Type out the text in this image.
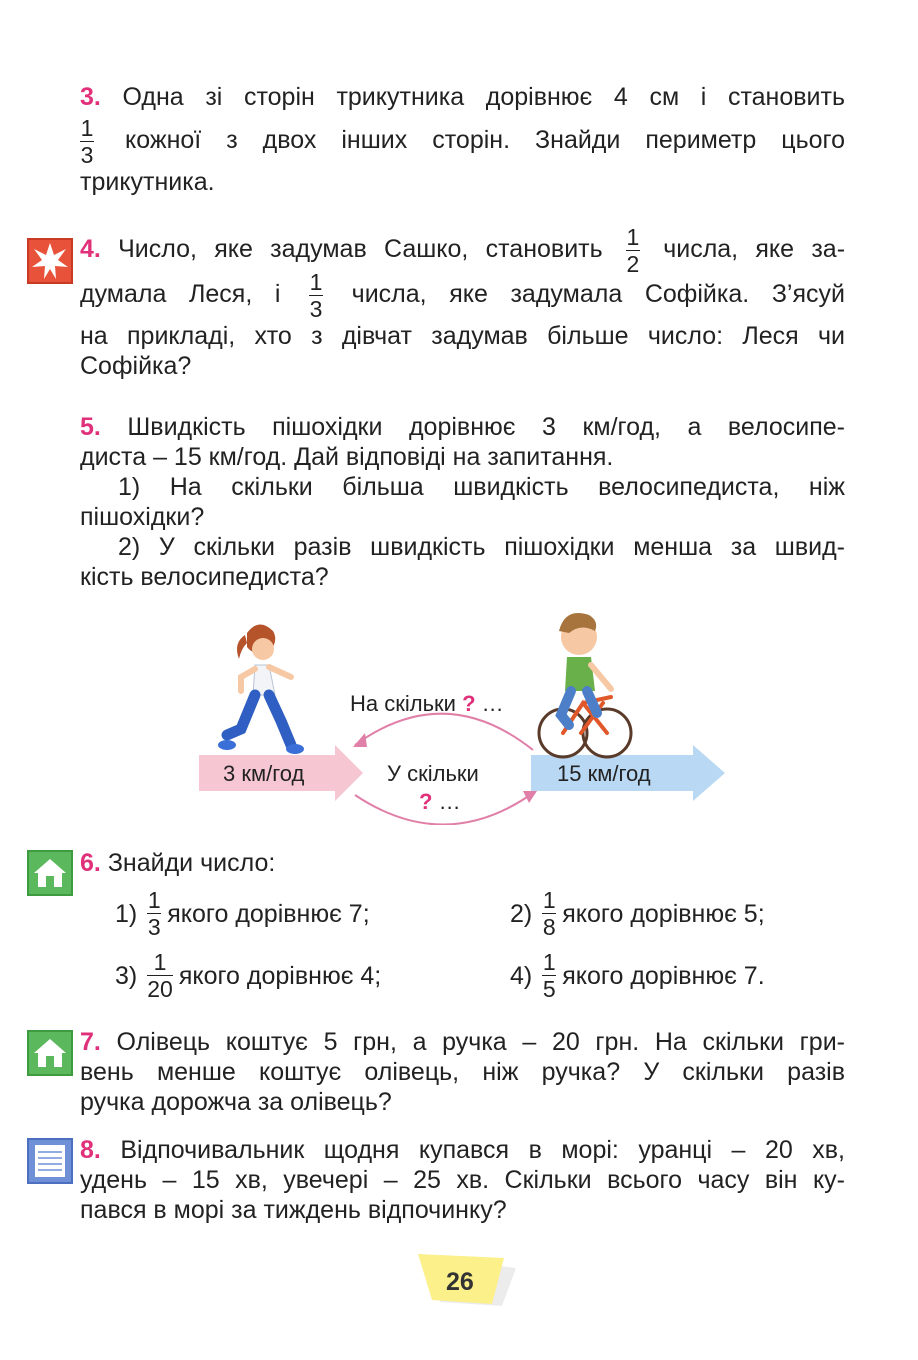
3. Одна зі сторін трикутника дорівнює 4 см і становить
$\frac{1}{3}$ кожної з двох інших сторін. Знайди периметр цього
трикутника.
4. Число, яке задумав Сашко, становить $\frac{1}{2}$ числа, яке за-
думала Леся, і $\frac{1}{3}$ числа, яке задумала Софійка. З’ясуй
на прикладі, хто з дівчат задумав більше число: Леся чи
Софійка?
5. Швидкість пішохідки дорівнює 3 км/год, а велосипе-
диста – 15 км/год. Дай відповіді на запитання.
1) На скільки більша швидкість велосипедиста, ніж
пішохідки?
2) У скільки разів швидкість пішохідки менша за швид-
кість велосипедиста?
На скільки ? …
3 км/год	У скільки
? …
15 км/год
6. Знайди число:
$1) \frac{1}{3}$ якого дорівнює 7;	$2) \frac{1}{8}$ якого дорівнює 5;
$3) \frac{1}{20}$ якого дорівнює 4;	$4) \frac{1}{5}$ якого дорівнює 7.
7. Олівець коштує 5 грн, а ручка – 20 грн. На скільки гри-
вень менше коштує олівець, ніж ручка? У скільки разів
ручка дорожча за олівець?
8. Відпочивальник щодня купався в морі: уранці – 20 хв,
удень – 15 хв, увечері – 25 хв. Скільки всього часу він ку-
пався в морі за тиждень відпочинку?
26
